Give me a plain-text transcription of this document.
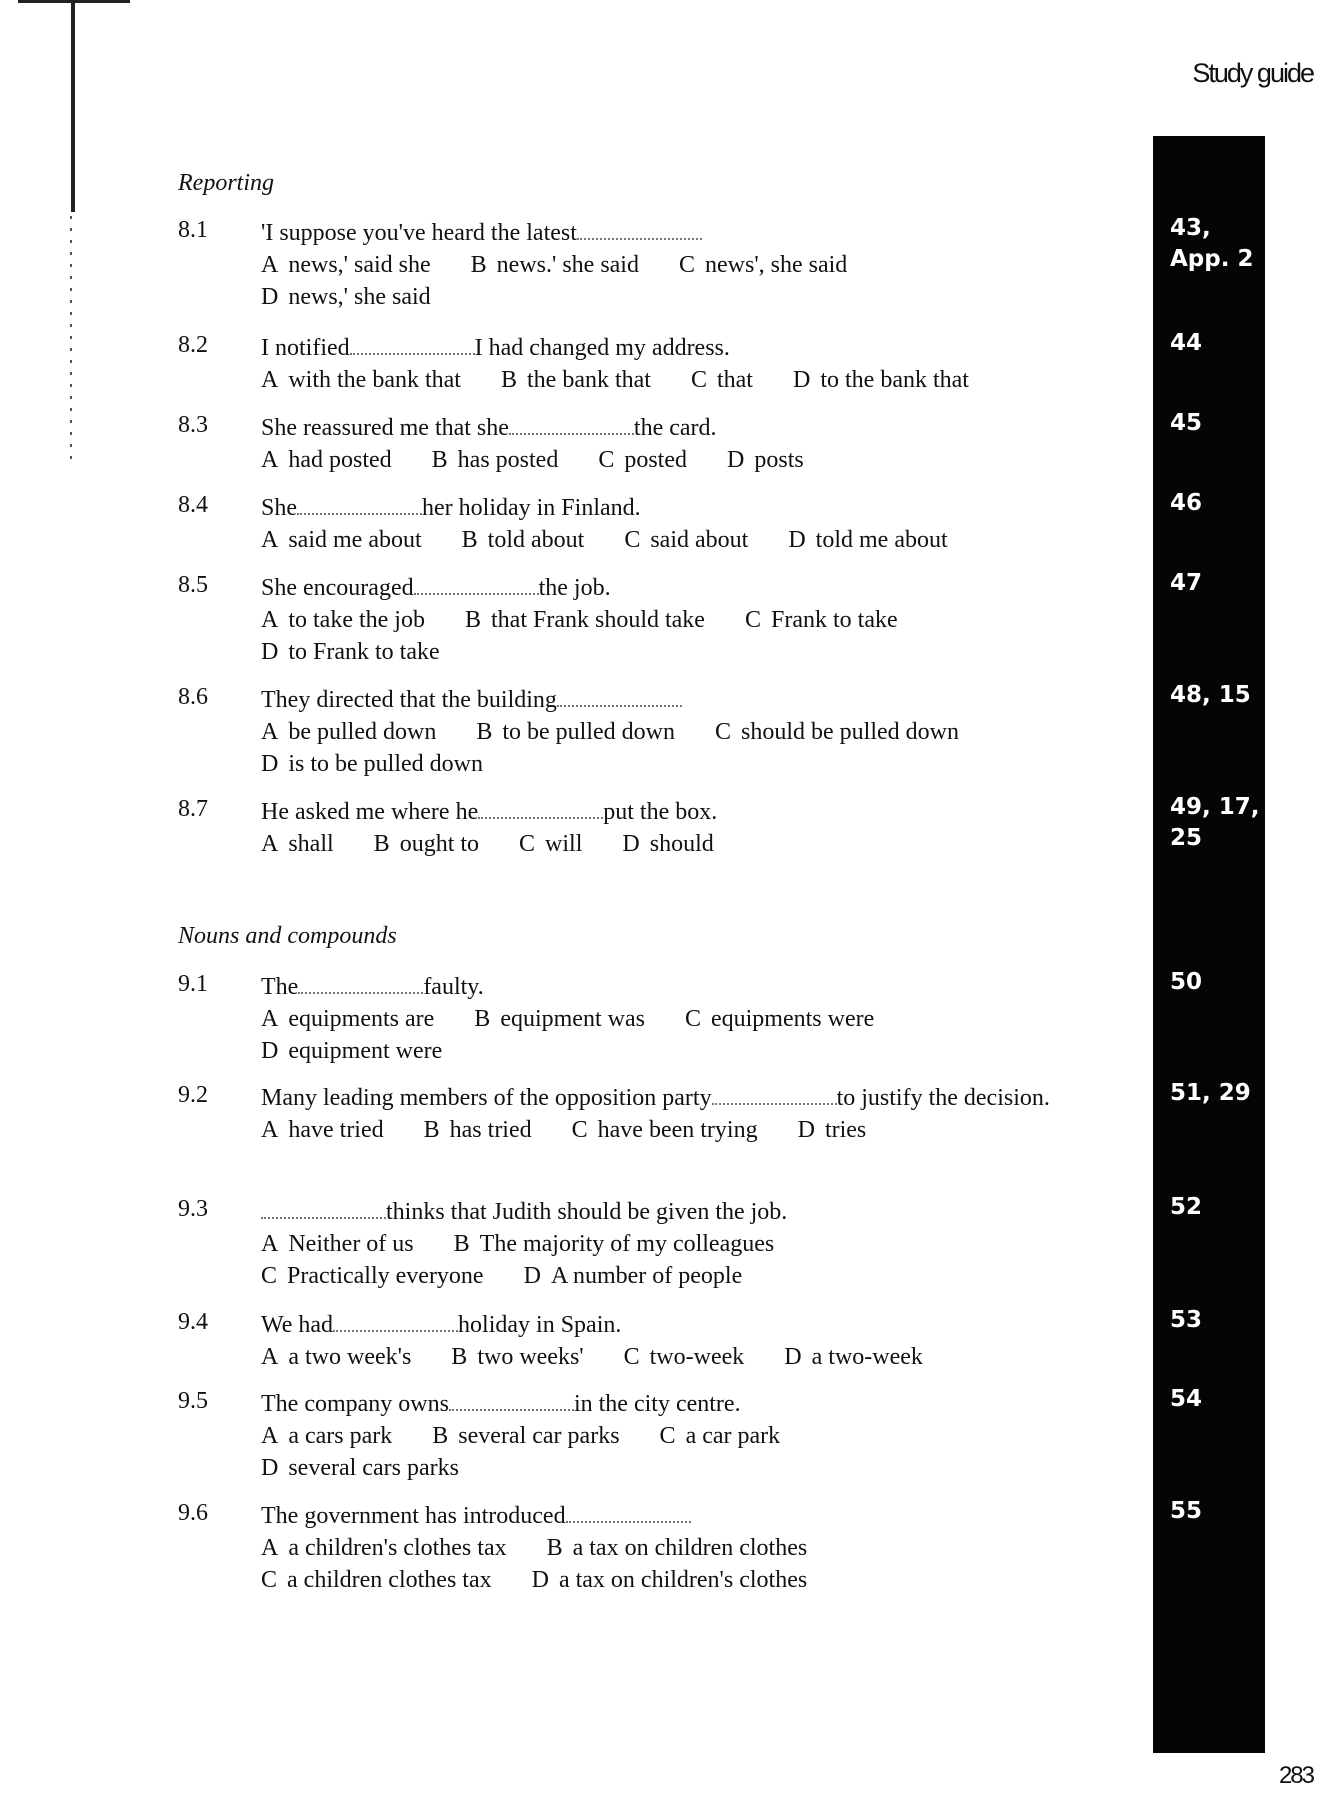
Study guide
Reporting
8.1 'I suppose you've heard the latest
A news,' said she B news.' she said C news', she said
D news,' she said
43,
App. 2
8.2 I notified	I had changed my address.
A with the bank that B the bank that C that D to the bank that
44
8.3 She reassured me that she	the card.
A had posted B has posted C posted D posts
45
8.4 She	her holiday in Finland.
A said me about B told about C said about D told me about
46
8.5 She encouraged	the job.
A to take the job B that Frank should take C Frank to take
D to Frank to take
47
8.6 They directed that the building
A be pulled down B to be pulled down C should be pulled down
D is to be pulled down
48, 15
8.7 He asked me where he	put the box.
A shall B ought to C will D should
49, 17,
25
Nouns and compounds
9.1 The	faulty.
A equipments are B equipment was C equipments were
D equipment were
50
9.2 Many leading members of the opposition party	to justify the decision.
A have tried B has tried C have been trying D tries
51, 29
9.3	thinks that Judith should be given the job.
A Neither of us B The majority of my colleagues
C Practically everyone D A number of people
52
9.4 We had	holiday in Spain.
A a two week's B two weeks' C two-week D a two-week
53
9.5 The company owns	in the city centre.
A a cars park B several car parks C a car park
D several cars parks
54
9.6 The government has introduced
A a children's clothes tax B a tax on children clothes
C a children clothes tax D a tax on children's clothes
55
283
